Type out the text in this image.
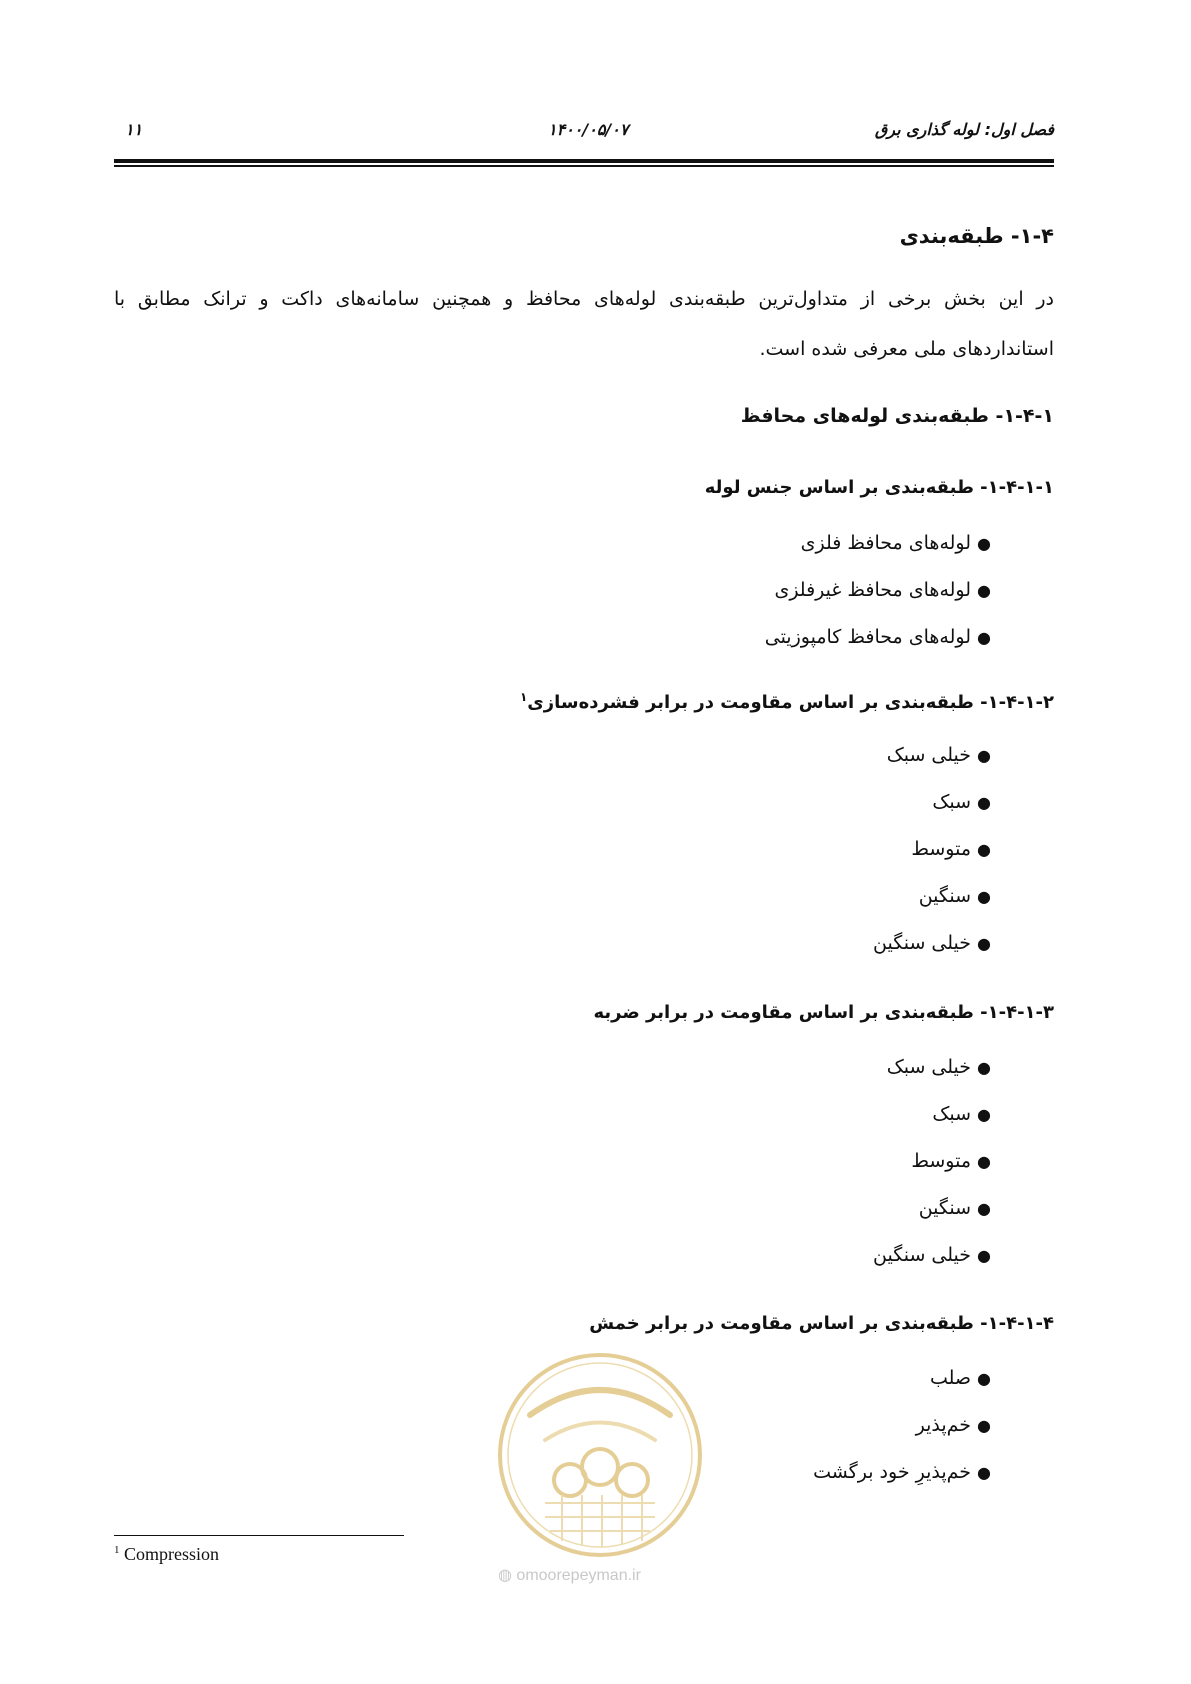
۱۱	۱۴۰۰/۰۵/۰۷	فصل اول: لوله گذاری برق
۱-۴- طبقه‌بندی

در این بخش برخی از متداول‌ترین طبقه‌بندی لوله‌های محافظ و همچنین سامانه‌های داکت و ترانک مطابق با

استانداردهای ملی معرفی شده است.

۱-۴-۱- طبقه‌بندی لوله‌های محافظ
۱-۴-۱-۱- طبقه‌بندی بر اساس جنس لوله
●لوله‌های محافظ فلزی
●لوله‌های محافظ غیرفلزی
●لوله‌های محافظ کامپوزیتی
۱-۴-۱-۲- طبقه‌بندی بر اساس مقاومت در برابر فشرده‌سازی$^۱$
●خیلی سبک
●سبک
●متوسط
●سنگین
●خیلی سنگین
۱-۴-۱-۳- طبقه‌بندی بر اساس مقاومت در برابر ضربه
●خیلی سبک
●سبک
●متوسط
●سنگین
●خیلی سنگین
۱-۴-۱-۴- طبقه‌بندی بر اساس مقاومت در برابر خمش
●صلب
●خم‌پذیر
●خم‌پذیرِ خود برگشت
◍ omoorepeyman.ir
$^1$ Compression
